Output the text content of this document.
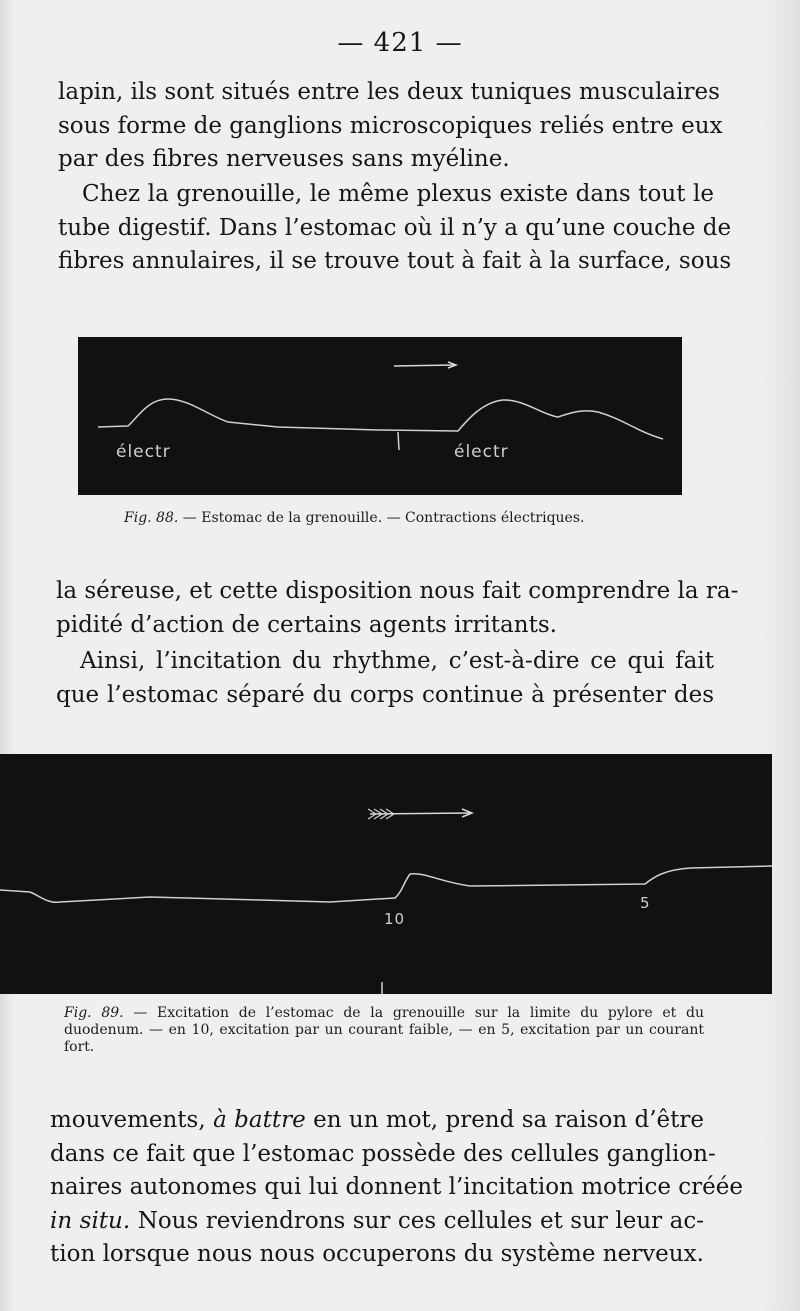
— 421 —

lapin, ils sont situés entre les deux tuniques musculaires
sous forme de ganglions microscopiques reliés entre eux
par des fibres nerveuses sans myéline.

Chez la grenouille, le même plexus existe dans tout le
tube digestif. Dans l’estomac où il n’y a qu’une couche de
fibres annulaires, il se trouve tout à fait à la surface, sous

électr	électr
Fig. 88. — Estomac de la grenouille. — Contractions électriques.

la séreuse, et cette disposition nous fait comprendre la ra-
pidité d’action de certains agents irritants.

Ainsi, l’incitation du rhythme, c’est-à-dire ce qui fait
que l’estomac séparé du corps continue à présenter des

10
5
Fig. 89. — Excitation de l’estomac de la grenouille sur la limite du pylore et du duodenum. — en 10, excitation par un courant faible, — en 5, excitation par un courant fort.

mouvements, à battre en un mot, prend sa raison d’être
dans ce fait que l’estomac possède des cellules ganglion-
naires autonomes qui lui donnent l’incitation motrice créée
in situ. Nous reviendrons sur ces cellules et sur leur ac-
tion lorsque nous nous occuperons du système nerveux.
